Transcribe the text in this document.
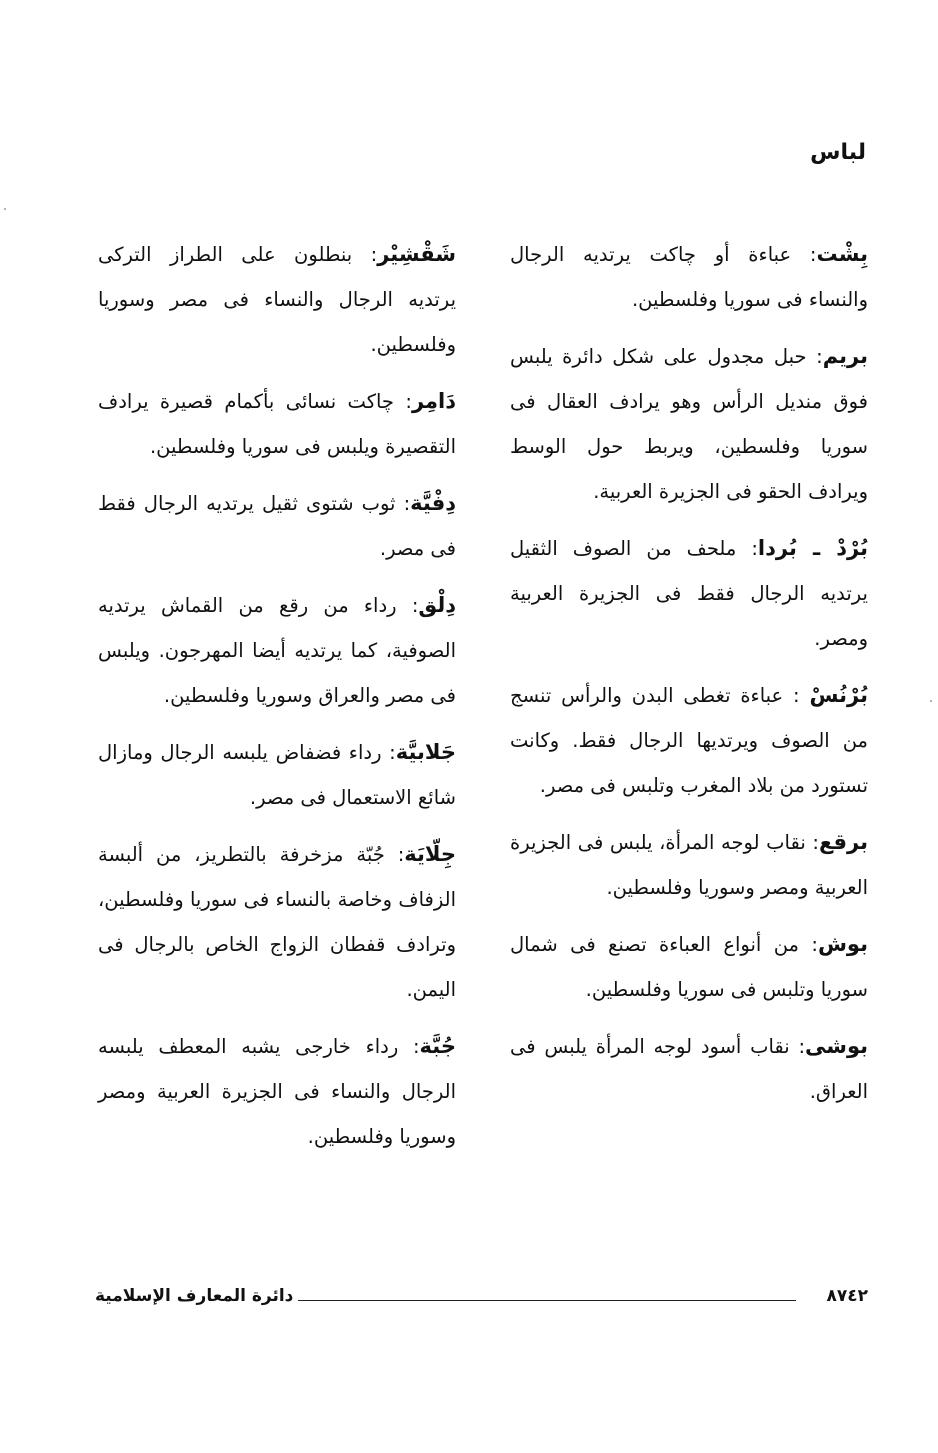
لباس

بِشْت: عباءة أو چاكت يرتديه الرجال والنساء فى سوريا وفلسطين.

بريم: حبل مجدول على شكل دائرة يلبس فوق منديل الرأس وهو يرادف العقال فى سوريا وفلسطين، ويربط حول الوسط ويرادف الحقو فى الجزيرة العربية.

بُرْدْ ـ بُردا: ملحف من الصوف الثقيل يرتديه الرجال فقط فى الجزيرة العربية ومصر.

بُرْنُسْ : عباءة تغطى البدن والرأس تنسج من الصوف ويرتديها الرجال فقط. وكانت تستورد من بلاد المغرب وتلبس فى مصر.

برقع: نقاب لوجه المرأة، يلبس فى الجزيرة العربية ومصر وسوريا وفلسطين.

بوش: من أنواع العباءة تصنع فى شمال سوريا وتلبس فى سوريا وفلسطين.

بوشى: نقاب أسود لوجه المرأة يلبس فى العراق.

شَقْشِيْر: بنطلون على الطراز التركى يرتديه الرجال والنساء فى مصر وسوريا وفلسطين.

دَامِر: چاكت نسائى بأكمام قصيرة يرادف التقصيرة ويلبس فى سوريا وفلسطين.

دِفْيَّة: ثوب شتوى ثقيل يرتديه الرجال فقط فى مصر.

دِلْق: رداء من رقع من القماش يرتديه الصوفية، كما يرتديه أيضا المهرجون. ويلبس فى مصر والعراق وسوريا وفلسطين.

جَلابيَّة: رداء فضفاض يلبسه الرجال ومازال شائع الاستعمال فى مصر.

جِلّايَة: جُبّة مزخرفة بالتطريز، من ألبسة الزفاف وخاصة بالنساء فى سوريا وفلسطين، وترادف قفطان الزواج الخاص بالرجال فى اليمن.

جُبَّة: رداء خارجى يشبه المعطف يلبسه الرجال والنساء فى الجزيرة العربية ومصر وسوريا وفلسطين.

٨٧٤٢
دائرة المعارف الإسلامية
